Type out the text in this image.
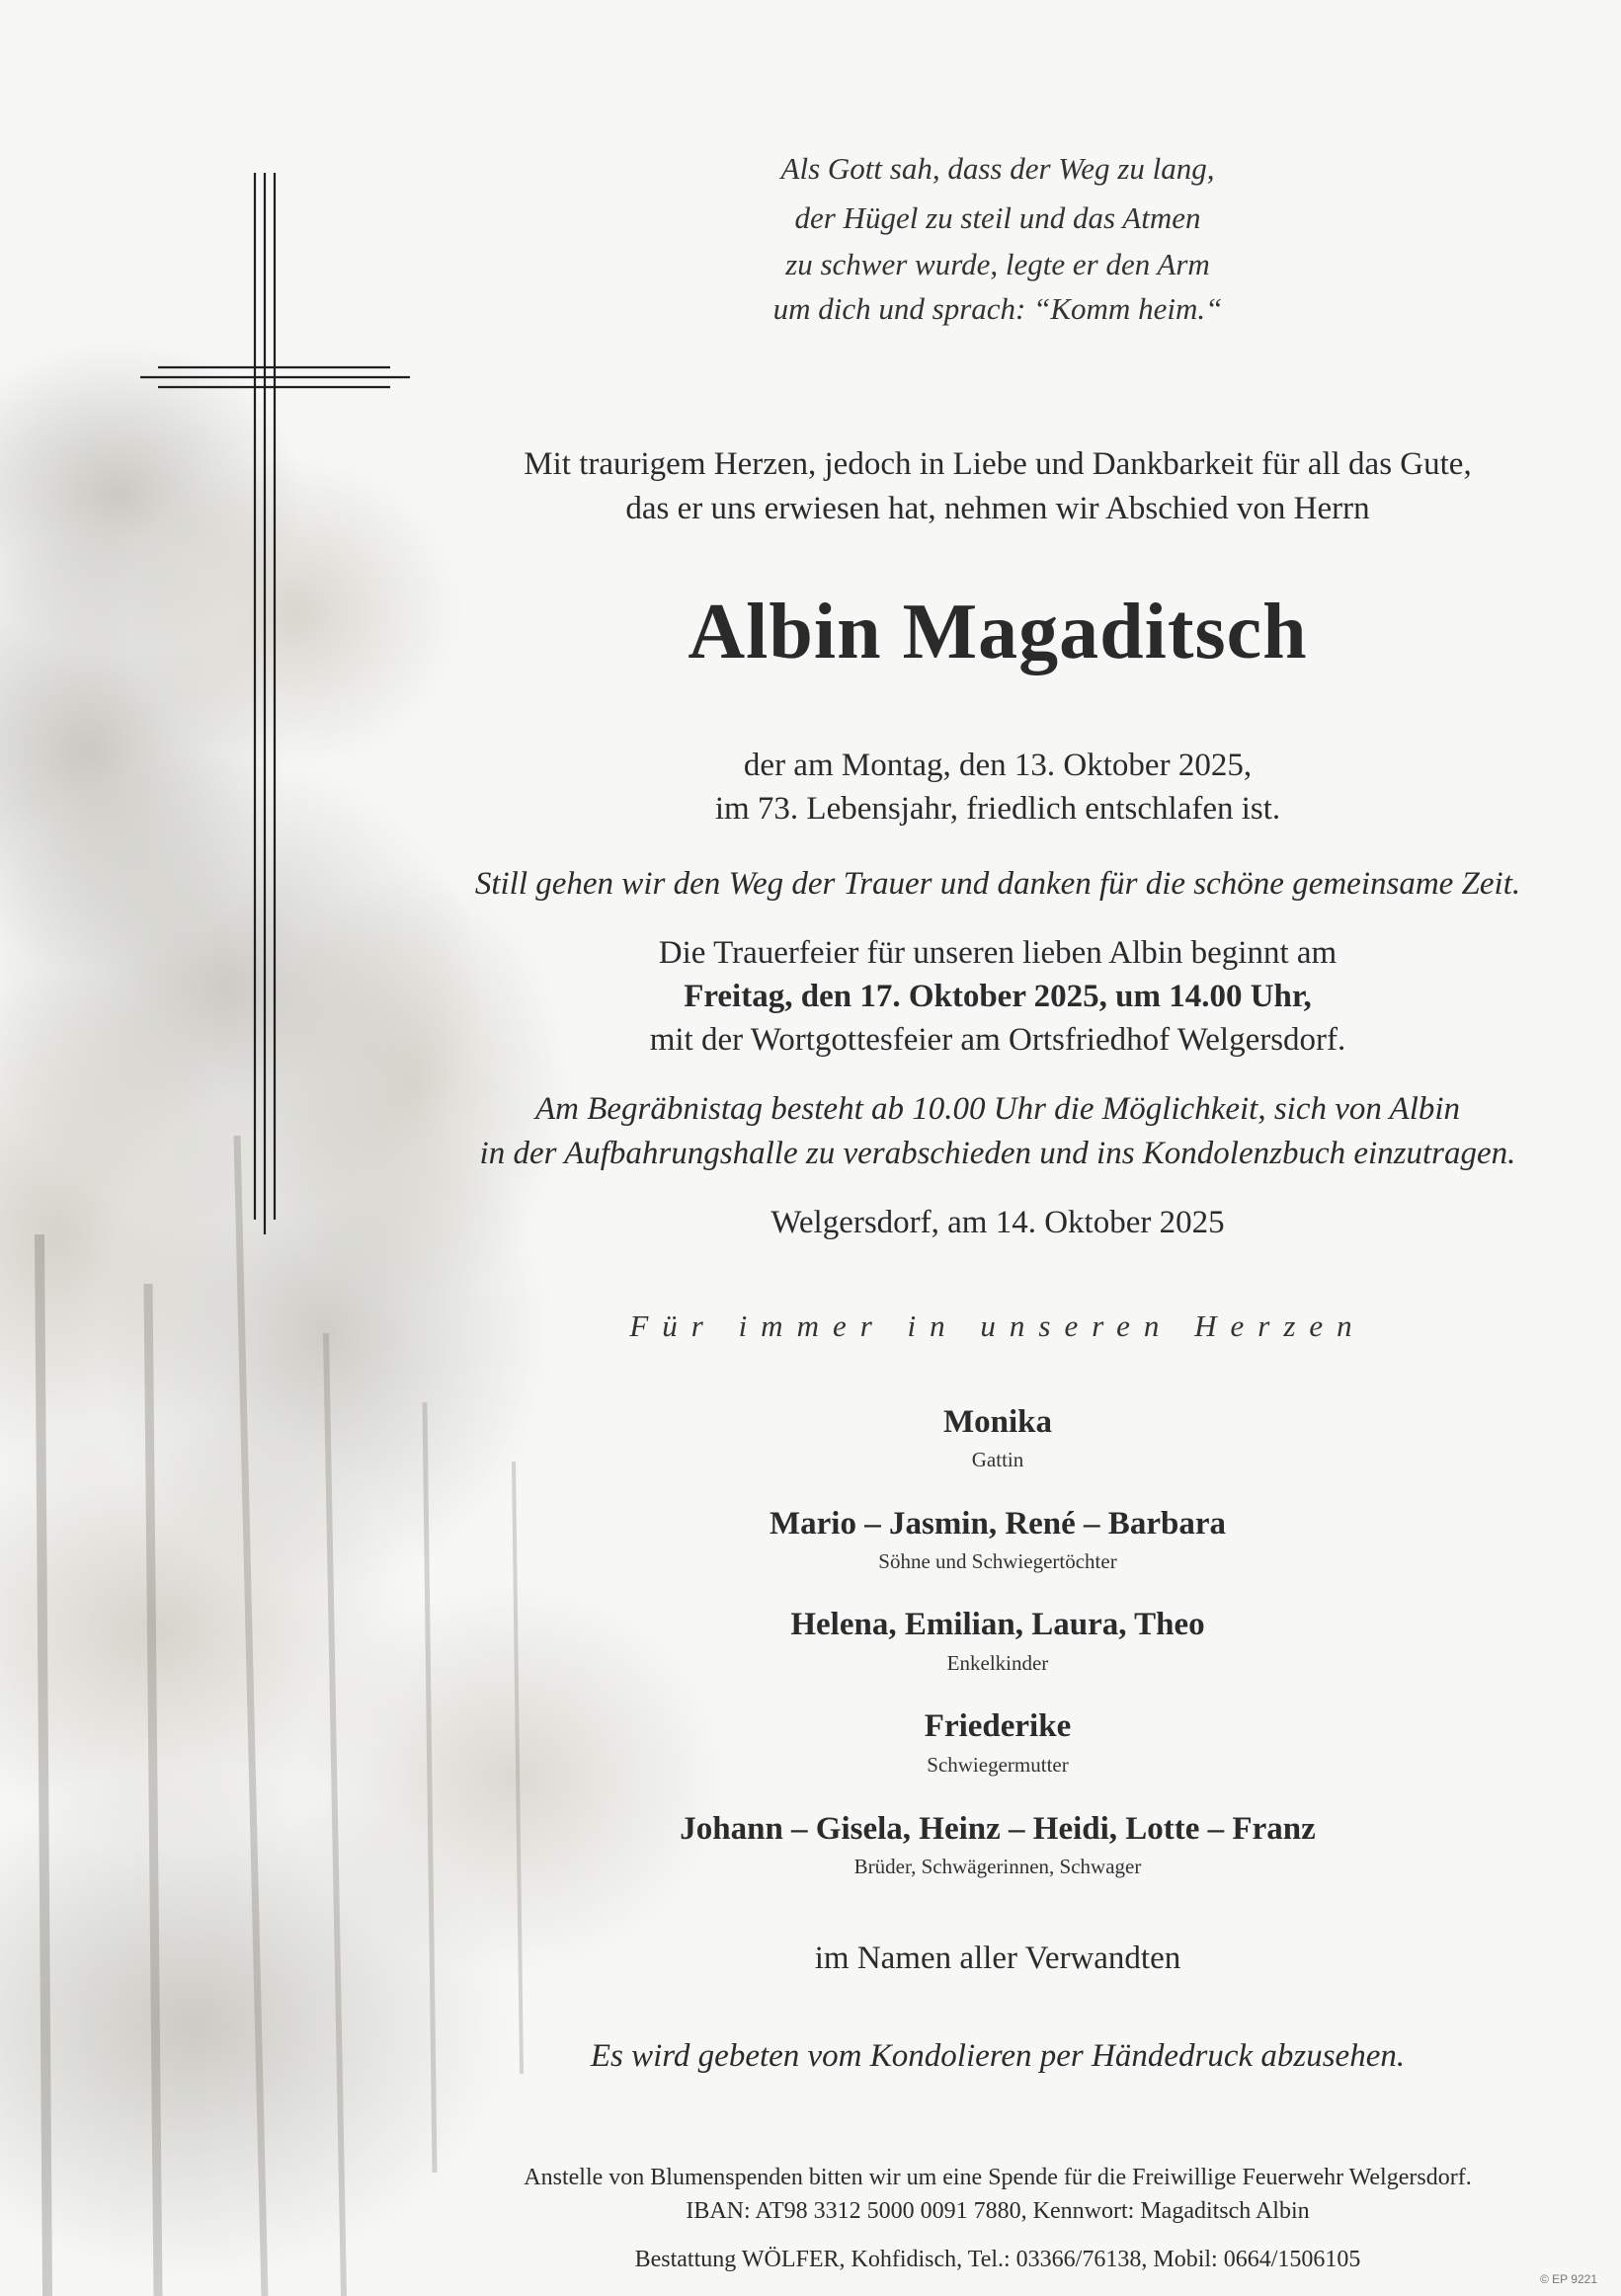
Als Gott sah, dass der Weg zu lang,
der Hügel zu steil und das Atmen
zu schwer wurde, legte er den Arm
um dich und sprach: “Komm heim.“
Mit traurigem Herzen, jedoch in Liebe und Dankbarkeit für all das Gute,
das er uns erwiesen hat, nehmen wir Abschied von Herrn
Albin Magaditsch
der am Montag, den 13. Oktober 2025,
im 73. Lebensjahr, friedlich entschlafen ist.
Still gehen wir den Weg der Trauer und danken für die schöne gemeinsame Zeit.
Die Trauerfeier für unseren lieben Albin beginnt am
Freitag, den 17. Oktober 2025, um 14.00 Uhr,
mit der Wortgottesfeier am Ortsfriedhof Welgersdorf.
Am Begräbnistag besteht ab 10.00 Uhr die Möglichkeit, sich von Albin
in der Aufbahrungshalle zu verabschieden und ins Kondolenzbuch einzutragen.
Welgersdorf, am 14. Oktober 2025
Für immer in unseren Herzen
Monika
Gattin
Mario – Jasmin, René – Barbara
Söhne und Schwiegertöchter
Helena, Emilian, Laura, Theo
Enkelkinder
Friederike
Schwiegermutter
Johann – Gisela, Heinz – Heidi, Lotte – Franz
Brüder, Schwägerinnen, Schwager
im Namen aller Verwandten
Es wird gebeten vom Kondolieren per Händedruck abzusehen.
Anstelle von Blumenspenden bitten wir um eine Spende für die Freiwillige Feuerwehr Welgersdorf.
IBAN: AT98 3312 5000 0091 7880, Kennwort: Magaditsch Albin
Bestattung WÖLFER, Kohfidisch, Tel.: 03366/76138, Mobil: 0664/1506105
© EP 9221
